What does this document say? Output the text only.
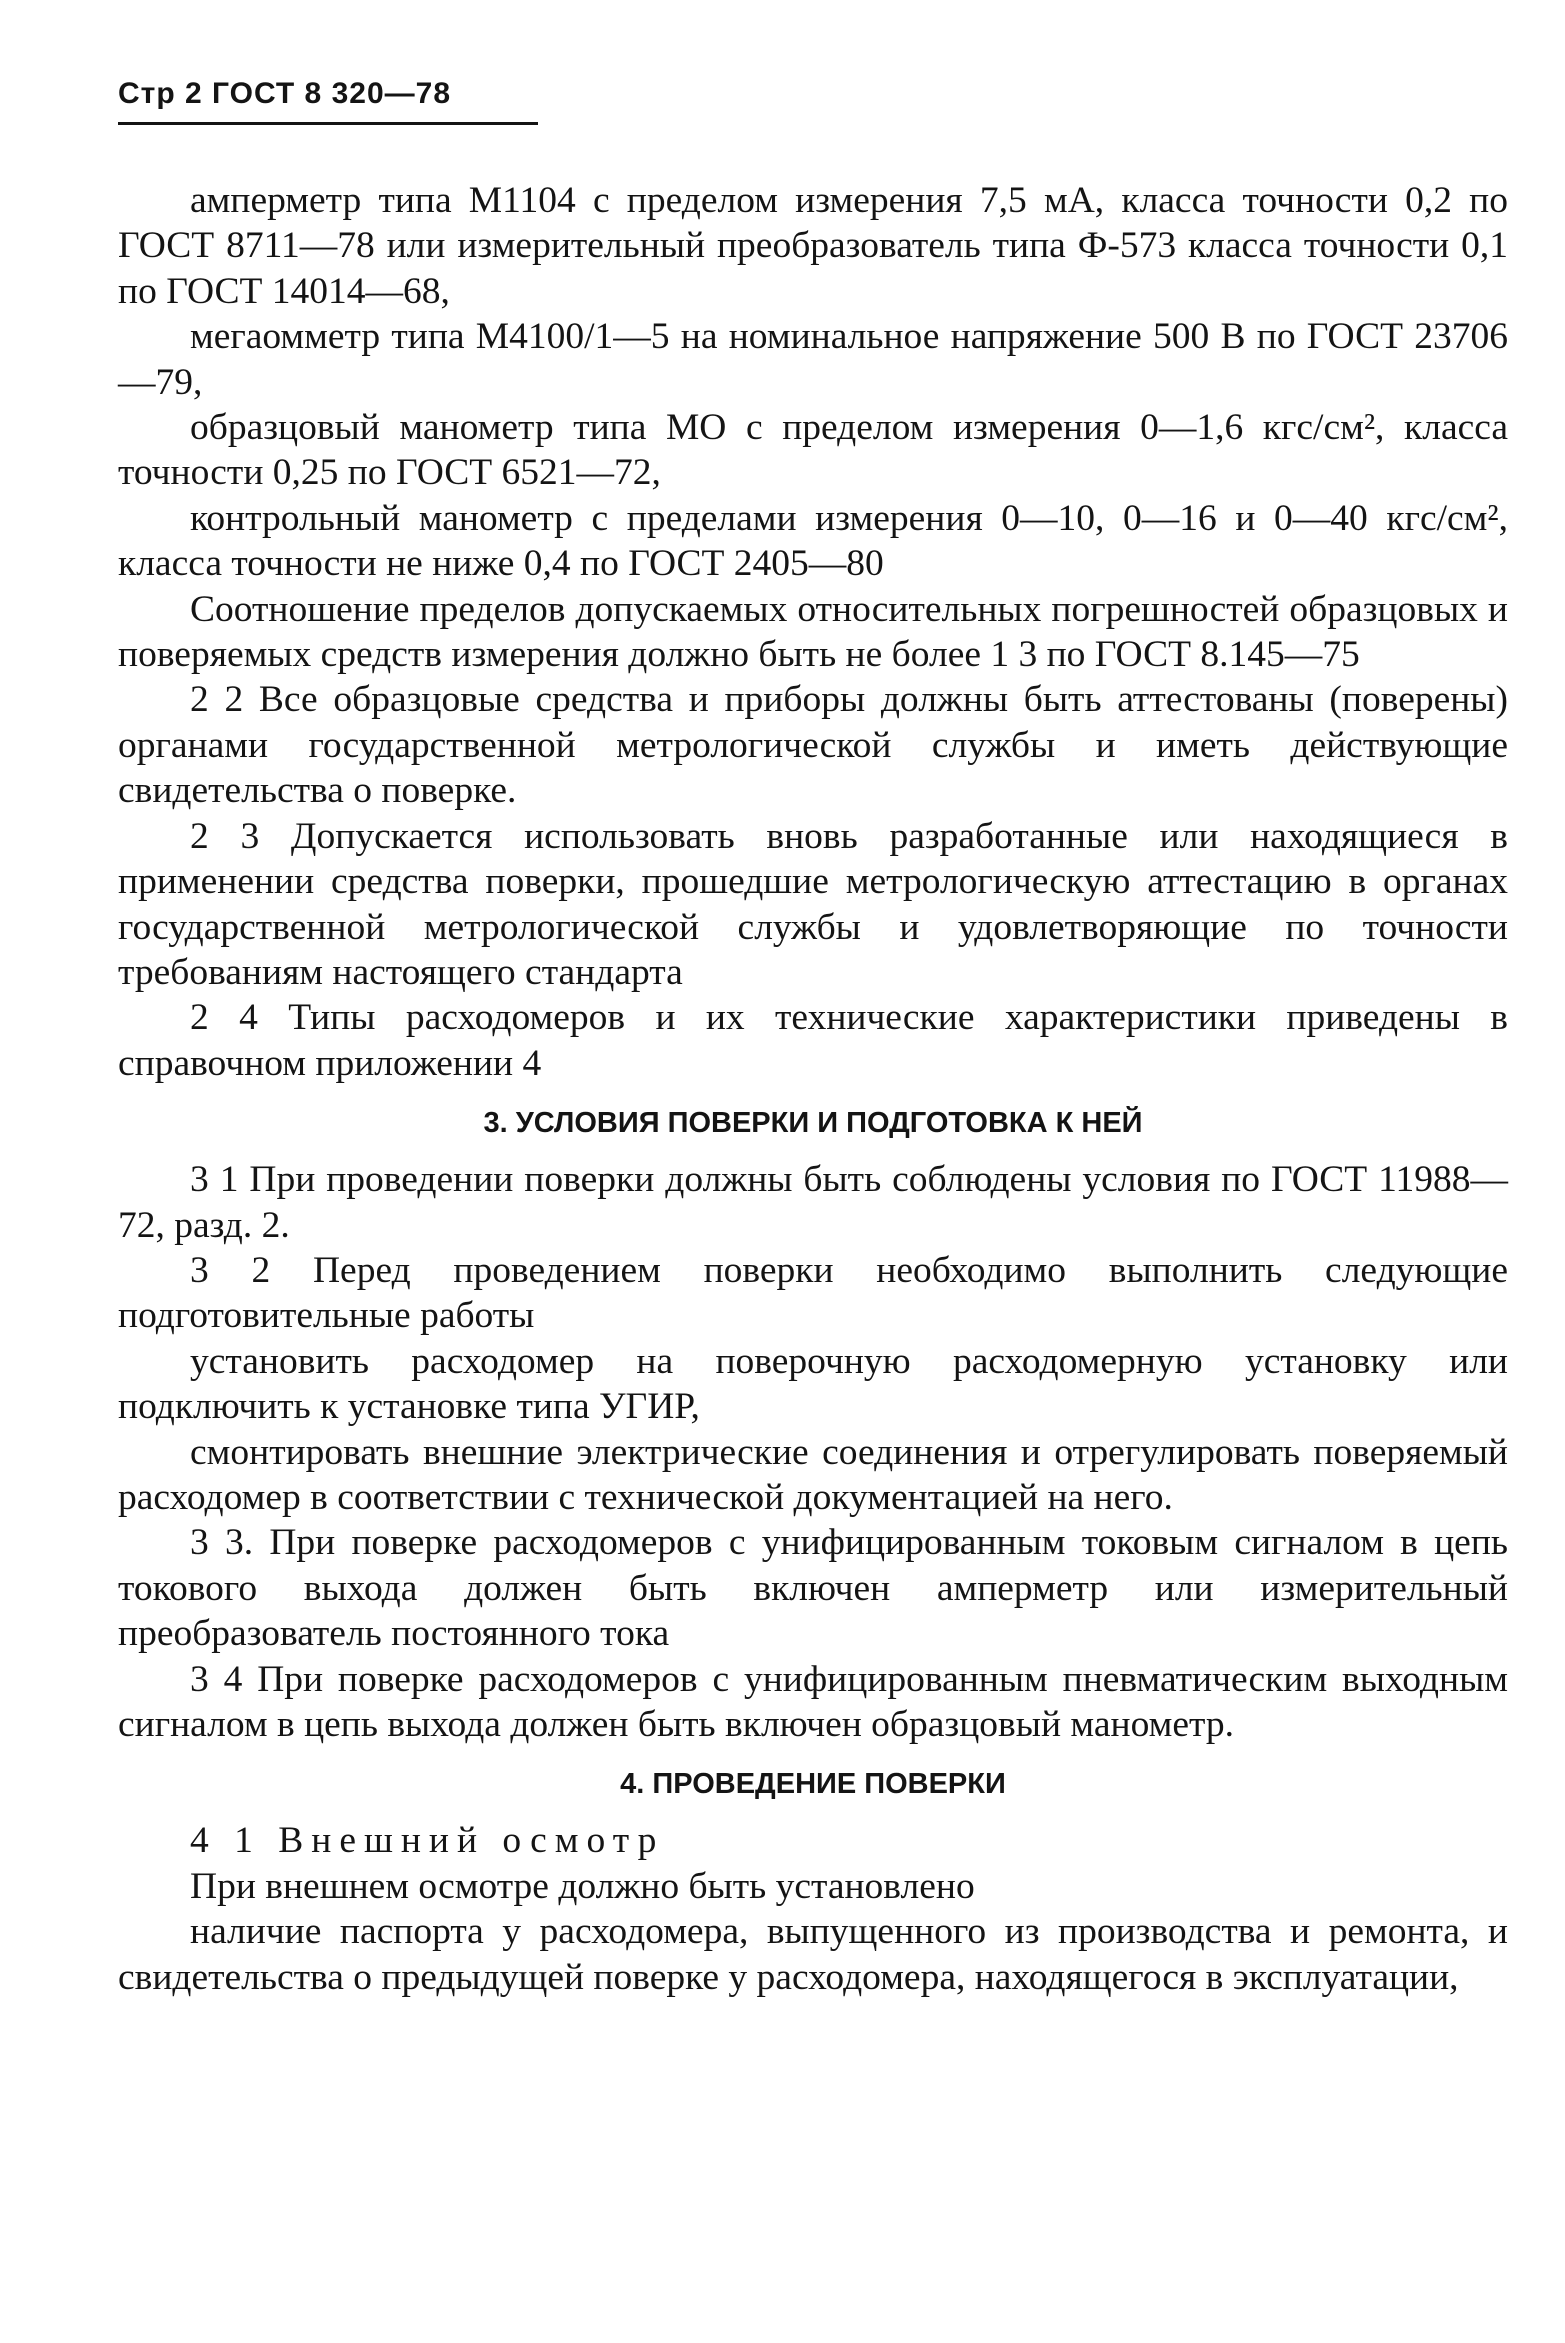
Стр 2 ГОСТ 8 320—78

амперметр типа М1104 с пределом измерения 7,5 мА, класса точности 0,2 по ГОСТ 8711—78 или измерительный преобразователь типа Ф-573 класса точности 0,1 по ГОСТ 14014—68,

мегаомметр типа М4100/1—5 на номинальное напряжение 500 В по ГОСТ 23706—79,

образцовый манометр типа МО с пределом измерения 0—1,6 кгс/см², класса точности 0,25 по ГОСТ 6521—72,

контрольный манометр с пределами измерения 0—10, 0—16 и 0—40 кгс/см², класса точности не ниже 0,4 по ГОСТ 2405—80

Соотношение пределов допускаемых относительных погрешностей образцовых и поверяемых средств измерения должно быть не более 1 3 по ГОСТ 8.145—75

2 2 Все образцовые средства и приборы должны быть аттестованы (поверены) органами государственной метрологической службы и иметь действующие свидетельства о поверке.

2 3 Допускается использовать вновь разработанные или находящиеся в применении средства поверки, прошедшие метрологическую аттестацию в органах государственной метрологической службы и удовлетворяющие по точности требованиям настоящего стандарта

2 4 Типы расходомеров и их технические характеристики приведены в справочном приложении 4

3. УСЛОВИЯ ПОВЕРКИ И ПОДГОТОВКА К НЕЙ

3 1 При проведении поверки должны быть соблюдены условия по ГОСТ 11988—72, разд. 2.

3 2 Перед проведением поверки необходимо выполнить следующие подготовительные работы

установить расходомер на поверочную расходомерную установку или подключить к установке типа УГИР,

смонтировать внешние электрические соединения и отрегулировать поверяемый расходомер в соответствии с технической документацией на него.

3 3. При поверке расходомеров с унифицированным токовым сигналом в цепь токового выхода должен быть включен амперметр или измерительный преобразователь постоянного тока

3 4 При поверке расходомеров с унифицированным пневматическим выходным сигналом в цепь выхода должен быть включен образцовый манометр.

4. ПРОВЕДЕНИЕ ПОВЕРКИ

4 1 Внешний осмотр

При внешнем осмотре должно быть установлено

наличие паспорта у расходомера, выпущенного из производства и ремонта, и свидетельства о предыдущей поверке у расходомера, находящегося в эксплуатации,
